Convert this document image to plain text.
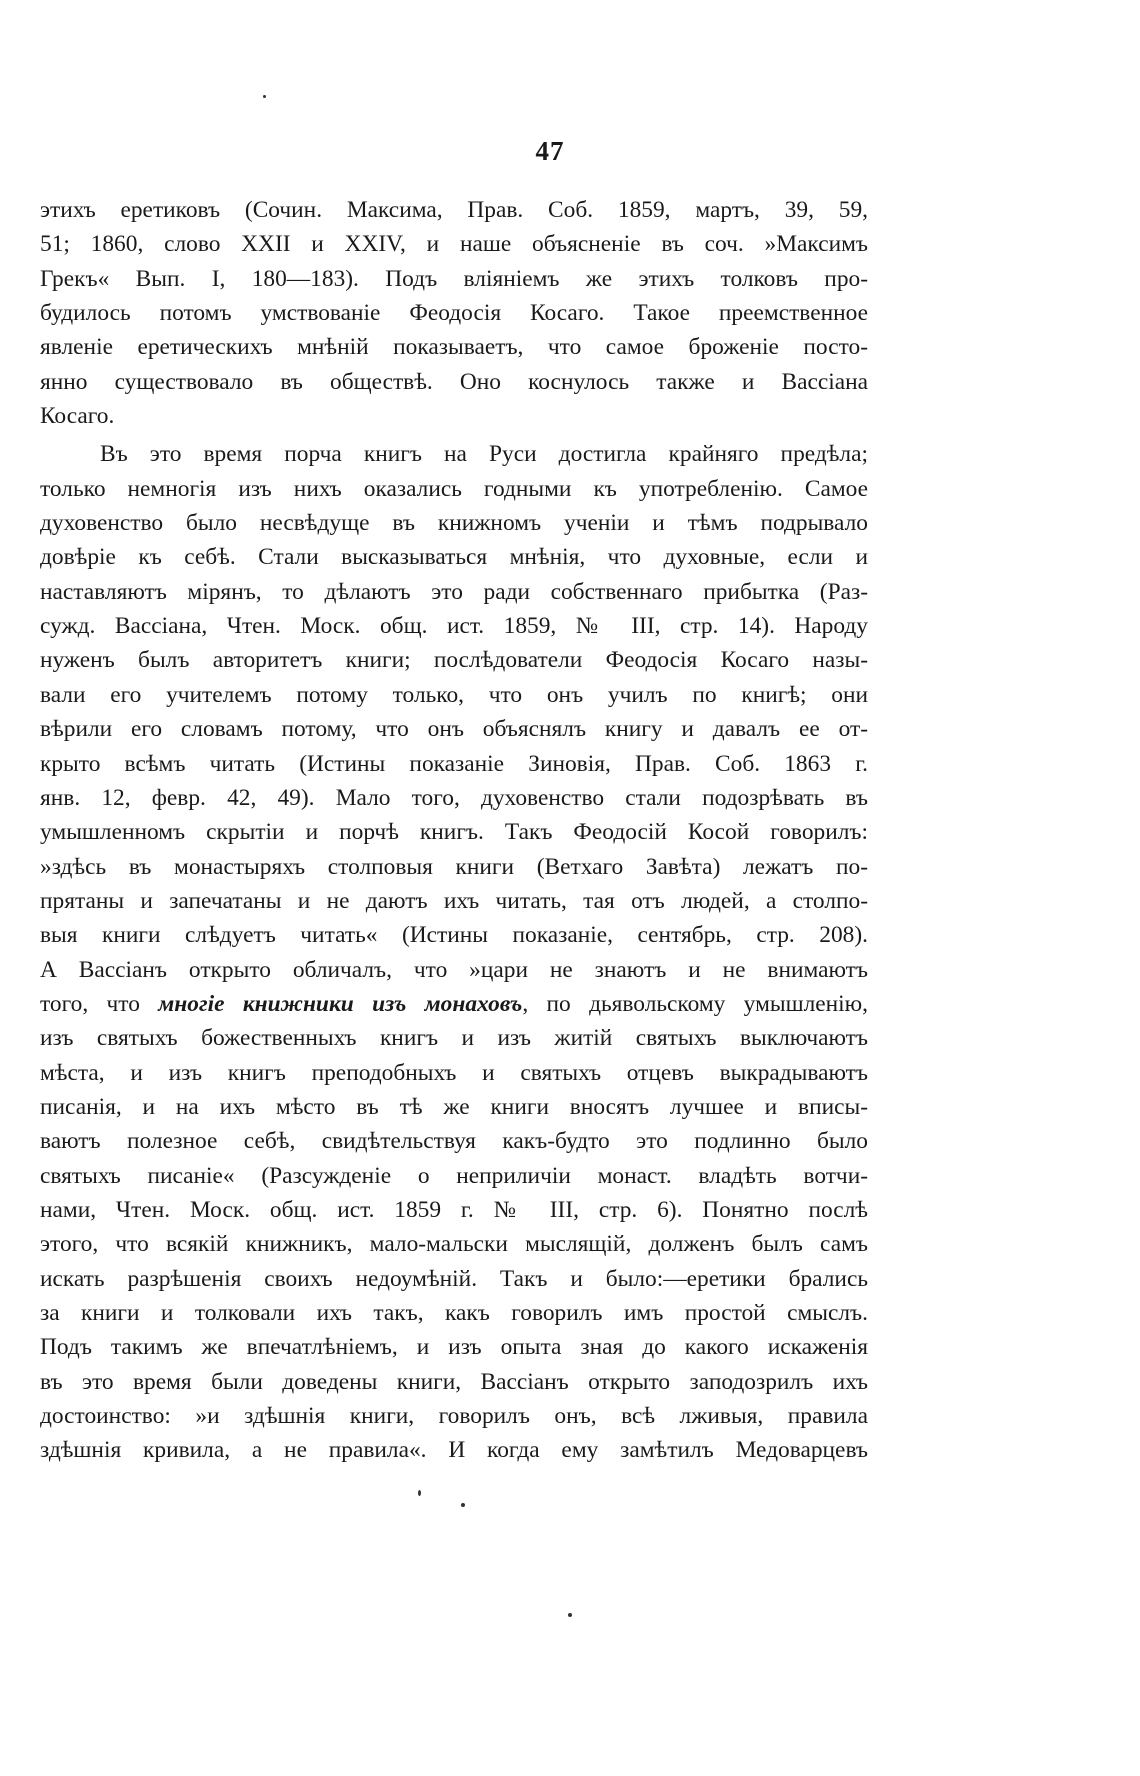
47
этихъ еретиковъ (Сочин. Максима, Прав. Соб. 1859, мартъ, 39, 59,
51; 1860, слово XXII и XXIV, и наше объясненіе въ соч. »Максимъ
Грекъ« Вып. I, 180—183). Подъ вліяніемъ же этихъ толковъ про-
будилось потомъ умствованіе Феодосія Косаго. Такое преемственное
явленіе еретическихъ мнѣній показываетъ, что самое броженіе посто-
янно существовало въ обществѣ. Оно коснулось также и Вассіана
Косаго.
Въ это время порча книгъ на Руси достигла крайняго предѣла;
только немногія изъ нихъ оказались годными къ употребленію. Самое
духовенство было несвѣдуще въ книжномъ ученіи и тѣмъ подрывало
довѣріе къ себѣ. Стали высказываться мнѣнія, что духовные, если и
наставляютъ мірянъ, то дѣлаютъ это ради собственнаго прибытка (Раз-
сужд. Вассіана, Чтен. Моск. общ. ист. 1859, № III, стр. 14). Народу
нуженъ былъ авторитетъ книги; послѣдователи Феодосія Косаго назы-
вали его учителемъ потому только, что онъ училъ по книгѣ; они
вѣрили его словамъ потому, что онъ объяснялъ книгу и давалъ ее от-
крыто всѣмъ читать (Истины показаніе Зиновія, Прав. Соб. 1863 г.
янв. 12, февр. 42, 49). Мало того, духовенство стали подозрѣвать въ
умышленномъ скрытіи и порчѣ книгъ. Такъ Феодосій Косой говорилъ:
»здѣсь въ монастыряхъ столповыя книги (Ветхаго Завѣта) лежатъ по-
прятаны и запечатаны и не даютъ ихъ читать, тая отъ людей, а столпо-
выя книги слѣдуетъ читать« (Истины показаніе, сентябрь, стр. 208).
А Вассіанъ открыто обличалъ, что »цари не знаютъ и не внимаютъ
того, что многіе книжники изъ монаховъ, по дьявольскому умышленію,
изъ святыхъ божественныхъ книгъ и изъ житій святыхъ выключаютъ
мѣста, и изъ книгъ преподобныхъ и святыхъ отцевъ выкрадываютъ
писанія, и на ихъ мѣсто въ тѣ же книги вносятъ лучшее и вписы-
ваютъ полезное себѣ, свидѣтельствуя какъ-будто это подлинно было
святыхъ писаніе« (Разсужденіе о неприличіи монаст. владѣть вотчи-
нами, Чтен. Моск. общ. ист. 1859 г. № III, стр. 6). Понятно послѣ
этого, что всякій книжникъ, мало-мальски мыслящій, долженъ былъ самъ
искать разрѣшенія своихъ недоумѣній. Такъ и было:—еретики брались
за книги и толковали ихъ такъ, какъ говорилъ имъ простой смыслъ.
Подъ такимъ же впечатлѣніемъ, и изъ опыта зная до какого искаженія
въ это время были доведены книги, Вассіанъ открыто заподозрилъ ихъ
достоинство: »и здѣшнія книги, говорилъ онъ, всѣ лживыя, правила
здѣшнія кривила, а не правила«. И когда ему замѣтилъ Медоварцевъ
